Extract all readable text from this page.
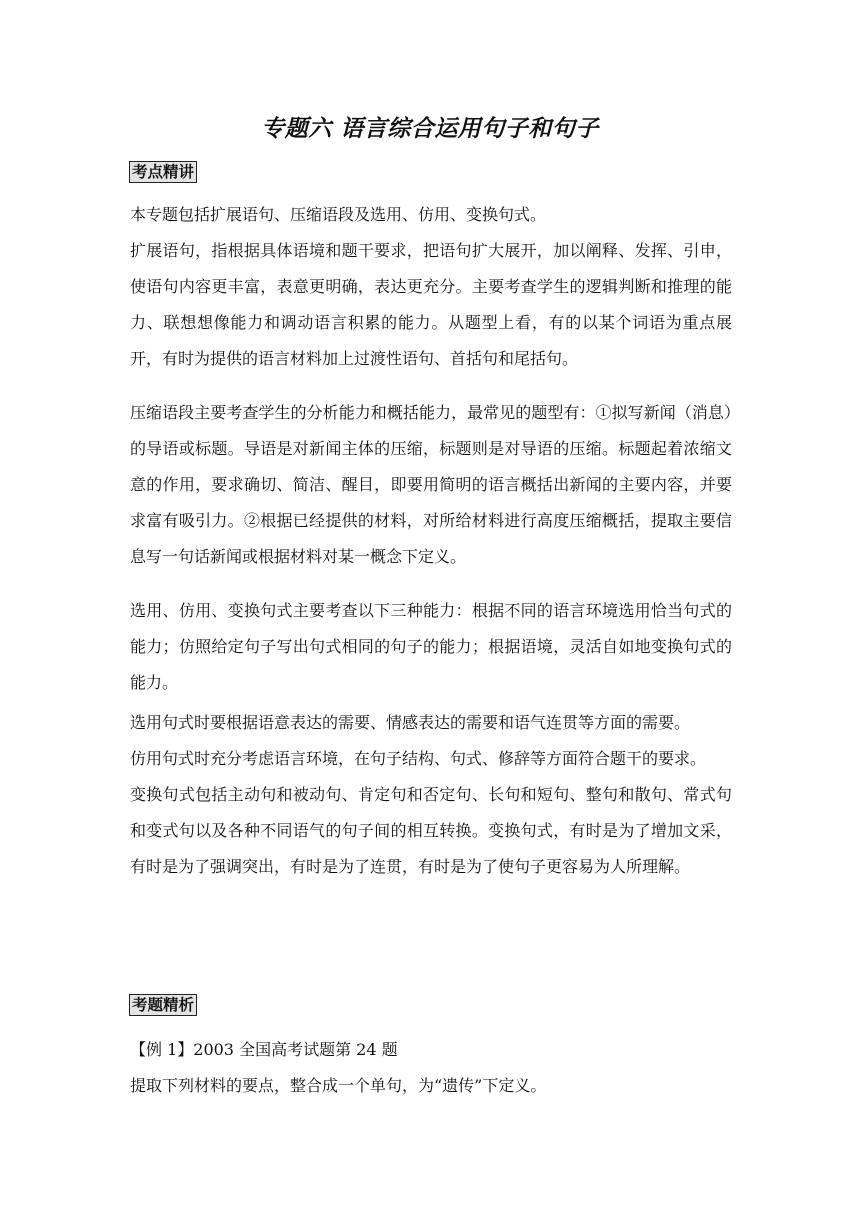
专题六 语言综合运用句子和句子
考点精讲

本专题包括扩展语句、压缩语段及选用、仿用、变换句式。

扩展语句，指根据具体语境和题干要求，把语句扩大展开，加以阐释、发挥、引申，使语句内容更丰富，表意更明确，表达更充分。主要考查学生的逻辑判断和推理的能力、联想想像能力和调动语言积累的能力。从题型上看，有的以某个词语为重点展开，有时为提供的语言材料加上过渡性语句、首括句和尾括句。

压缩语段主要考查学生的分析能力和概括能力，最常见的题型有：①拟写新闻（消息）的导语或标题。导语是对新闻主体的压缩，标题则是对导语的压缩。标题起着浓缩文意的作用，要求确切、简洁、醒目，即要用简明的语言概括出新闻的主要内容，并要求富有吸引力。②根据已经提供的材料，对所给材料进行高度压缩概括，提取主要信息写一句话新闻或根据材料对某一概念下定义。

选用、仿用、变换句式主要考查以下三种能力：根据不同的语言环境选用恰当句式的能力；仿照给定句子写出句式相同的句子的能力；根据语境，灵活自如地变换句式的能力。

选用句式时要根据语意表达的需要、情感表达的需要和语气连贯等方面的需要。

仿用句式时充分考虑语言环境，在句子结构、句式、修辞等方面符合题干的要求。

变换句式包括主动句和被动句、肯定句和否定句、长句和短句、整句和散句、常式句和变式句以及各种不同语气的句子间的相互转换。变换句式，有时是为了增加文采，有时是为了强调突出，有时是为了连贯，有时是为了使句子更容易为人所理解。

考题精析

【例 1】2003 全国高考试题第 24 题

提取下列材料的要点，整合成一个单句，为“遗传”下定义。
